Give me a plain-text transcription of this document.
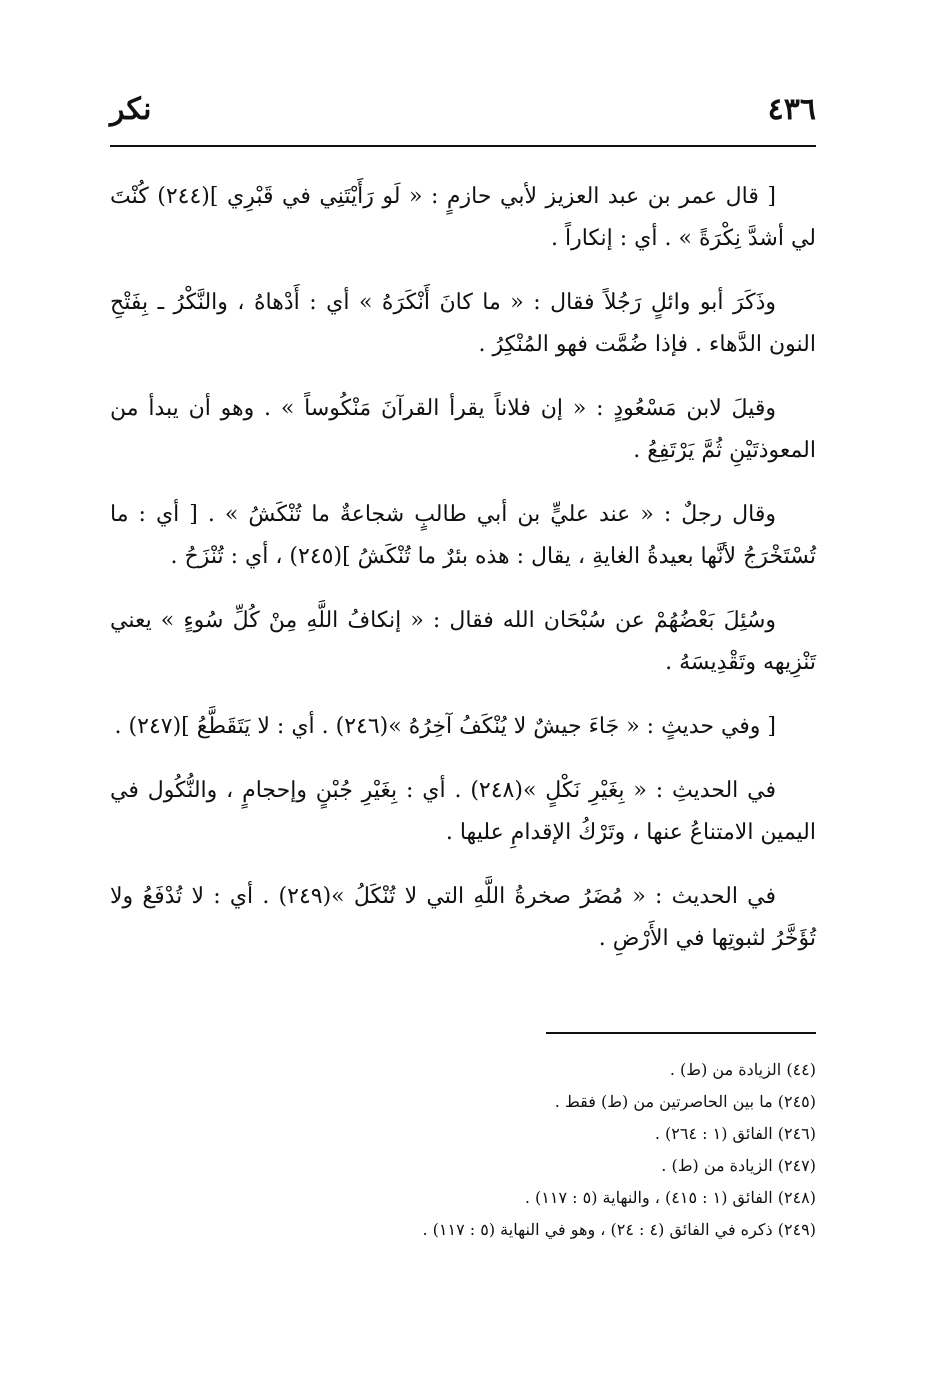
٤٣٦
نكر

[ قال عمر بن عبد العزيز لأبي حازمٍ : « لَو رَأَيْتَنِي في قَبْرِي ](٢٤٤) كُنْتَ لي أشدَّ نِكْرَةً » . أي : إنكاراً .

وذَكَرَ أبو وائلٍ رَجُلاً فقال : « ما كانَ أَنْكَرَهُ » أي : أَدْهاهُ ، والنَّكْرُ ـ بِفَتْحِ النون الدَّهاء . فإذا ضُمَّت فهو المُنْكِرُ .

وقيلَ لابن مَسْعُودٍ : « إن فلاناً يقرأ القرآنَ مَنْكُوساً » . وهو أن يبدأ من المعوذتَيْنِ ثُمَّ يَرْتَفِعُ .

وقال رجلٌ : « عند عليٍّ بن أبي طالبٍ شجاعةٌ ما تُنْكَشُ » . [ أي : ما تُسْتَخْرَجُ لأنَّها بعيدةُ الغايةِ ، يقال : هذه بئرٌ ما تُنْكَشُ ](٢٤٥) ، أي : تُنْزَحُ .

وسُئِلَ بَعْضُهُمْ عن سُبْحَان الله فقال : « إنكافُ اللَّهِ مِنْ كُلِّ سُوءٍ » يعني تَنْزِيهه وتَقْدِيسَهُ .

[ وفي حديثٍ : « جَاءَ جيشٌ لا يُنْكَفُ آخِرُهُ »(٢٤٦) . أي : لا يَتَقَطَّعُ ](٢٤٧) .

في الحديثِ : « بِغَيْرِ نَكْلٍ »(٢٤٨) . أي : بِغَيْرِ جُبْنٍ وإحجامٍ ، والنُّكُول في اليمين الامتناعُ عنها ، وتَرْكُ الإقدامِ عليها .

في الحديث : « مُضَرُ صخرةُ اللَّهِ التي لا تُنْكَلُ »(٢٤٩) . أي : لا تُدْفَعُ ولا تُؤَخَّرُ لثبوتِها في الأَرْضِ .

(٤٤) الزيادة من (ط) .

(٢٤٥) ما بين الحاصرتين من (ط) فقط .

(٢٤٦) الفائق (١ : ٢٦٤) .

(٢٤٧) الزيادة من (ط) .

(٢٤٨) الفائق (١ : ٤١٥) ، والنهاية (٥ : ١١٧) .

(٢٤٩) ذكره في الفائق (٤ : ٢٤) ، وهو في النهاية (٥ : ١١٧) .
